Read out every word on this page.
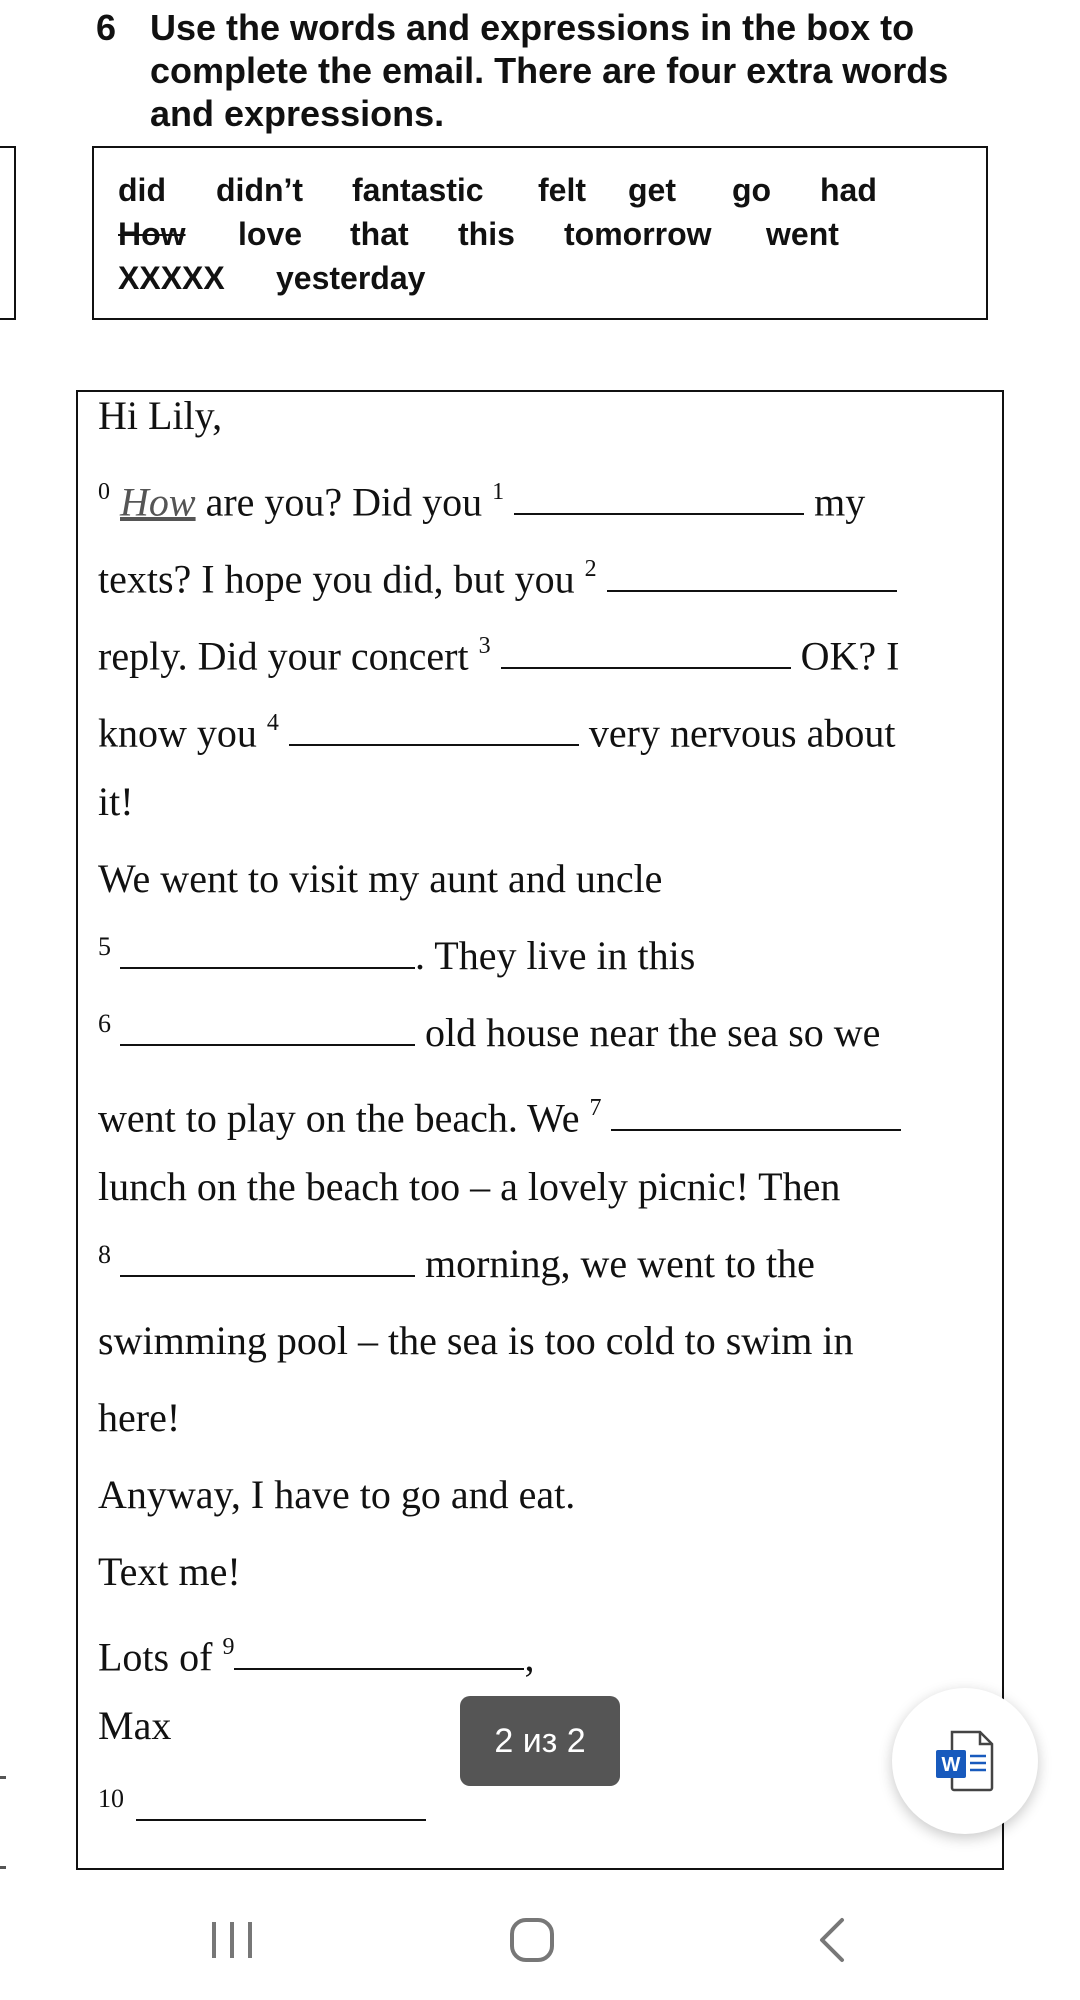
6 Use the words and expressions in the box to complete the email. There are four extra words and expressions.
did didn’t fantastic felt get go had
How love that this tomorrow went
XXXXX yesterday
Hi Lily,
$^0$ How are you? Did you $^1$	my
texts? I hope you did, but you $^2$
reply. Did your concert $^3$	OK? I
know you $^4$	very nervous about
it!
We went to visit my aunt and uncle
5	. They live in this
6	old house near the sea so we
went to play on the beach. We $^7$
lunch on the beach too – a lovely picnic! Then
8	morning, we went to the
swimming pool – the sea is too cold to swim in
here!
Anyway, I have to go and eat.
Text me!
Lots of $^9$	,
Max
10
2 из 2
W
